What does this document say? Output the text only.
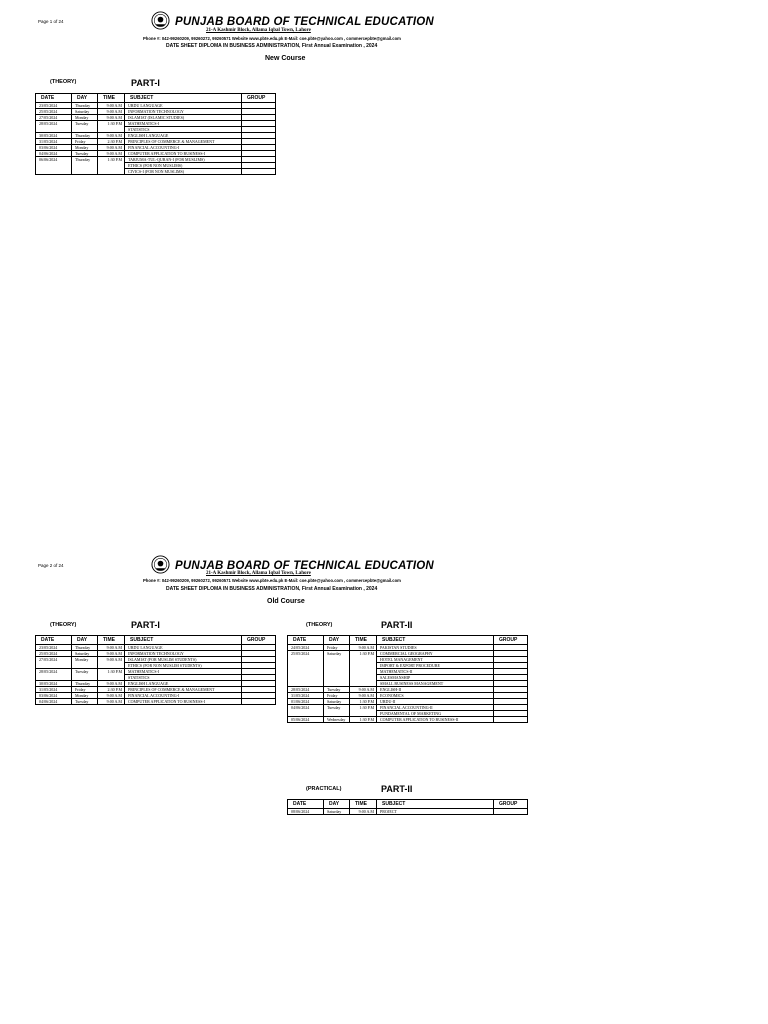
Page 1 of 24	PUNJAB BOARD OF TECHNICAL EDUCATION
21-A Kashmir Block, Allama Iqbal Town, Lahore
Phone #: 042-99260209, 99260272, 99260571 Website www.pbte.edu.pk E-Mail: coe.pbte@yahoo.com , commercepbte@gmail.com
DATE SHEET DIPLOMA IN BUSINESS ADMINISTRATION, First Annual Examination , 2024
New Course
(THEORY)	PART-I
DATE	DAY	TIME	SUBJECT	GROUP
23/05/2024	Thursday	9:00 A.M	URDU LANGUAGE	
25/05/2024	Saturday	9:00 A.M	INFORMATION TECHNOLOGY	
27/05/2024	Monday	9:00 A.M	ISLAMIAT (ISLAMIC STUDIES)	
28/05/2024	Tuesday	1:30 P.M	MATHEMATICS-I	
			STATISTICS	
30/05/2024	Thursday	9:00 A.M	ENGLISH LANGUAGE	
31/05/2024	Friday	2:30 P.M	PRINCIPLES OF COMMERCE & MANAGEMENT	
03/06/2024	Monday	9:00 A.M	FINANCIAL ACCOUNTING-I	
04/06/2024	Tuesday	9:00 A.M	COMPUTER APPLICATION TO BUSINESS-I	
06/06/2024	Thursday	1:30 P.M	TARJUMA-TUL-QURAN-I (FOR MUSLIMS)	
			ETHICS (FOR NON MUSLIMS)	
			CIVICS-I (FOR NON MUSLIMS)	
Page 2 of 24	PUNJAB BOARD OF TECHNICAL EDUCATION
21-A Kashmir Block, Allama Iqbal Town, Lahore
Phone #: 042-99260209, 99260272, 99260571 Website www.pbte.edu.pk E-Mail: coe.pbte@yahoo.com , commercepbte@gmail.com
DATE SHEET DIPLOMA IN BUSINESS ADMINISTRATION, First Annual Examination , 2024
Old Course
(THEORY)	PART-I
DATE	DAY	TIME	SUBJECT	GROUP
23/05/2024	Thursday	9:00 A.M	URDU LANGUAGE	
25/05/2024	Saturday	9:00 A.M	INFORMATION TECHNOLOGY	
27/05/2024	Monday	9:00 A.M	ISLAMIAT (FOR MUSLIM STUDENTS)	
			ETHICS (FOR NON MUSLIM STUDENTS)	
28/05/2024	Tuesday	1:30 P.M	MATHEMATICS-I	
			STATISTICS	
30/05/2024	Thursday	9:00 A.M	ENGLISH LANGUAGE	
31/05/2024	Friday	2:30 P.M	PRINCIPLES OF COMMERCE & MANAGEMENT	
03/06/2024	Monday	9:00 A.M	FINANCIAL ACCOUNTING-I	
04/06/2024	Tuesday	9:00 A.M	COMPUTER APPLICATION TO BUSINESS-I	
(THEORY)	PART-II
DATE	DAY	TIME	SUBJECT	GROUP
24/05/2024	Friday	9:00 A.M	PAKISTAN STUDIES	
25/05/2024	Saturday	1:30 P.M	COMMERCIAL GEOGRAPHY	
			HOTEL MANAGEMENT	
			IMPORT & EXPORT PROCEDURE	
			MATHEMATICS-II	
			SALESMANSHIP	
			SMALL BUSINESS MANAGEMENT	
28/05/2024	Tuesday	9:00 A.M	ENGLISH-II	
31/05/2024	Friday	9:00 A.M	ECONOMICS	
01/06/2024	Saturday	1:30 P.M	URDU-II	
04/06/2024	Tuesday	1:30 P.M	FINANCIAL ACCOUNTING-II	
			FUNDAMENTAL OF MARKETING	
05/06/2024	Wednesday	1:30 P.M	COMPUTER APPLICATION TO BUSINESS-II	
(PRACTICAL)	PART-II
DATE	DAY	TIME	SUBJECT	GROUP
08/06/2024	Saturday	9:00 A.M	PROJECT	
